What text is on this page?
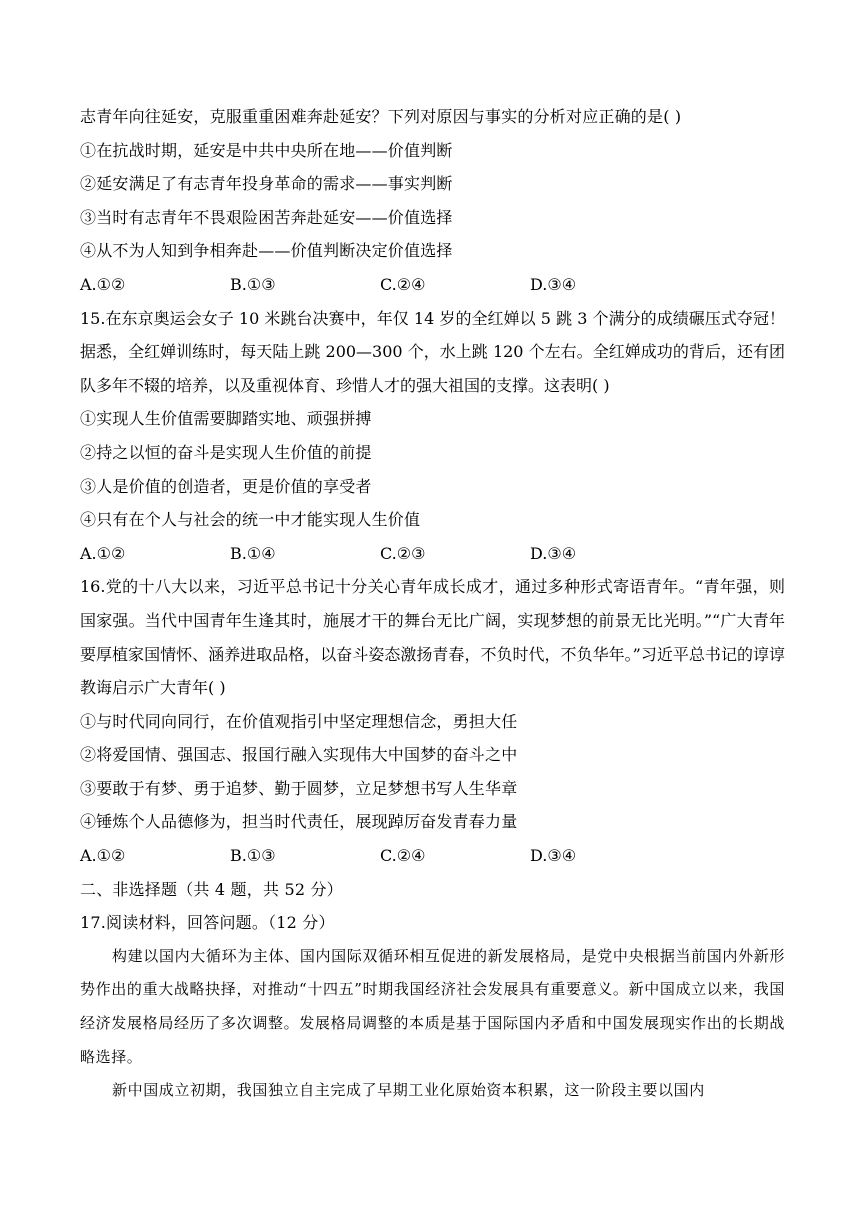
志青年向往延安，克服重重困难奔赴延安？下列对原因与事实的分析对应正确的是( )
①在抗战时期，延安是中共中央所在地——价值判断
②延安满足了有志青年投身革命的需求——事实判断
③当时有志青年不畏艰险困苦奔赴延安——价值选择
④从不为人知到争相奔赴——价值判断决定价值选择
A.①②	B.①③	C.②④	D.③④

15.在东京奥运会女子 10 米跳台决赛中，年仅 14 岁的全红婵以 5 跳 3 个满分的成绩碾压式夺冠！据悉，全红婵训练时，每天陆上跳 200—300 个，水上跳 120 个左右。全红婵成功的背后，还有团队多年不辍的培养，以及重视体育、珍惜人才的强大祖国的支撑。这表明( )

①实现人生价值需要脚踏实地、顽强拼搏
②持之以恒的奋斗是实现人生价值的前提
③人是价值的创造者，更是价值的享受者
④只有在个人与社会的统一中才能实现人生价值
A.①②	B.①④	C.②③	D.③④

16.党的十八大以来，习近平总书记十分关心青年成长成才，通过多种形式寄语青年。“青年强，则国家强。当代中国青年生逢其时，施展才干的舞台无比广阔，实现梦想的前景无比光明。”“广大青年要厚植家国情怀、涵养进取品格，以奋斗姿态激扬青春，不负时代，不负华年。”习近平总书记的谆谆教诲启示广大青年( )

①与时代同向同行，在价值观指引中坚定理想信念，勇担大任
②将爱国情、强国志、报国行融入实现伟大中国梦的奋斗之中
③要敢于有梦、勇于追梦、勤于圆梦，立足梦想书写人生华章
④锤炼个人品德修为，担当时代责任，展现踔厉奋发青春力量
A.①②	B.①③	C.②④	D.③④
二、非选择题（共 4 题，共 52 分）
17.阅读材料，回答问题。（12 分）

构建以国内大循环为主体、国内国际双循环相互促进的新发展格局，是党中央根据当前国内外新形势作出的重大战略抉择，对推动“十四五”时期我国经济社会发展具有重要意义。新中国成立以来，我国经济发展格局经历了多次调整。发展格局调整的本质是基于国际国内矛盾和中国发展现实作出的长期战略选择。

新中国成立初期，我国独立自主完成了早期工业化原始资本积累，这一阶段主要以国内
